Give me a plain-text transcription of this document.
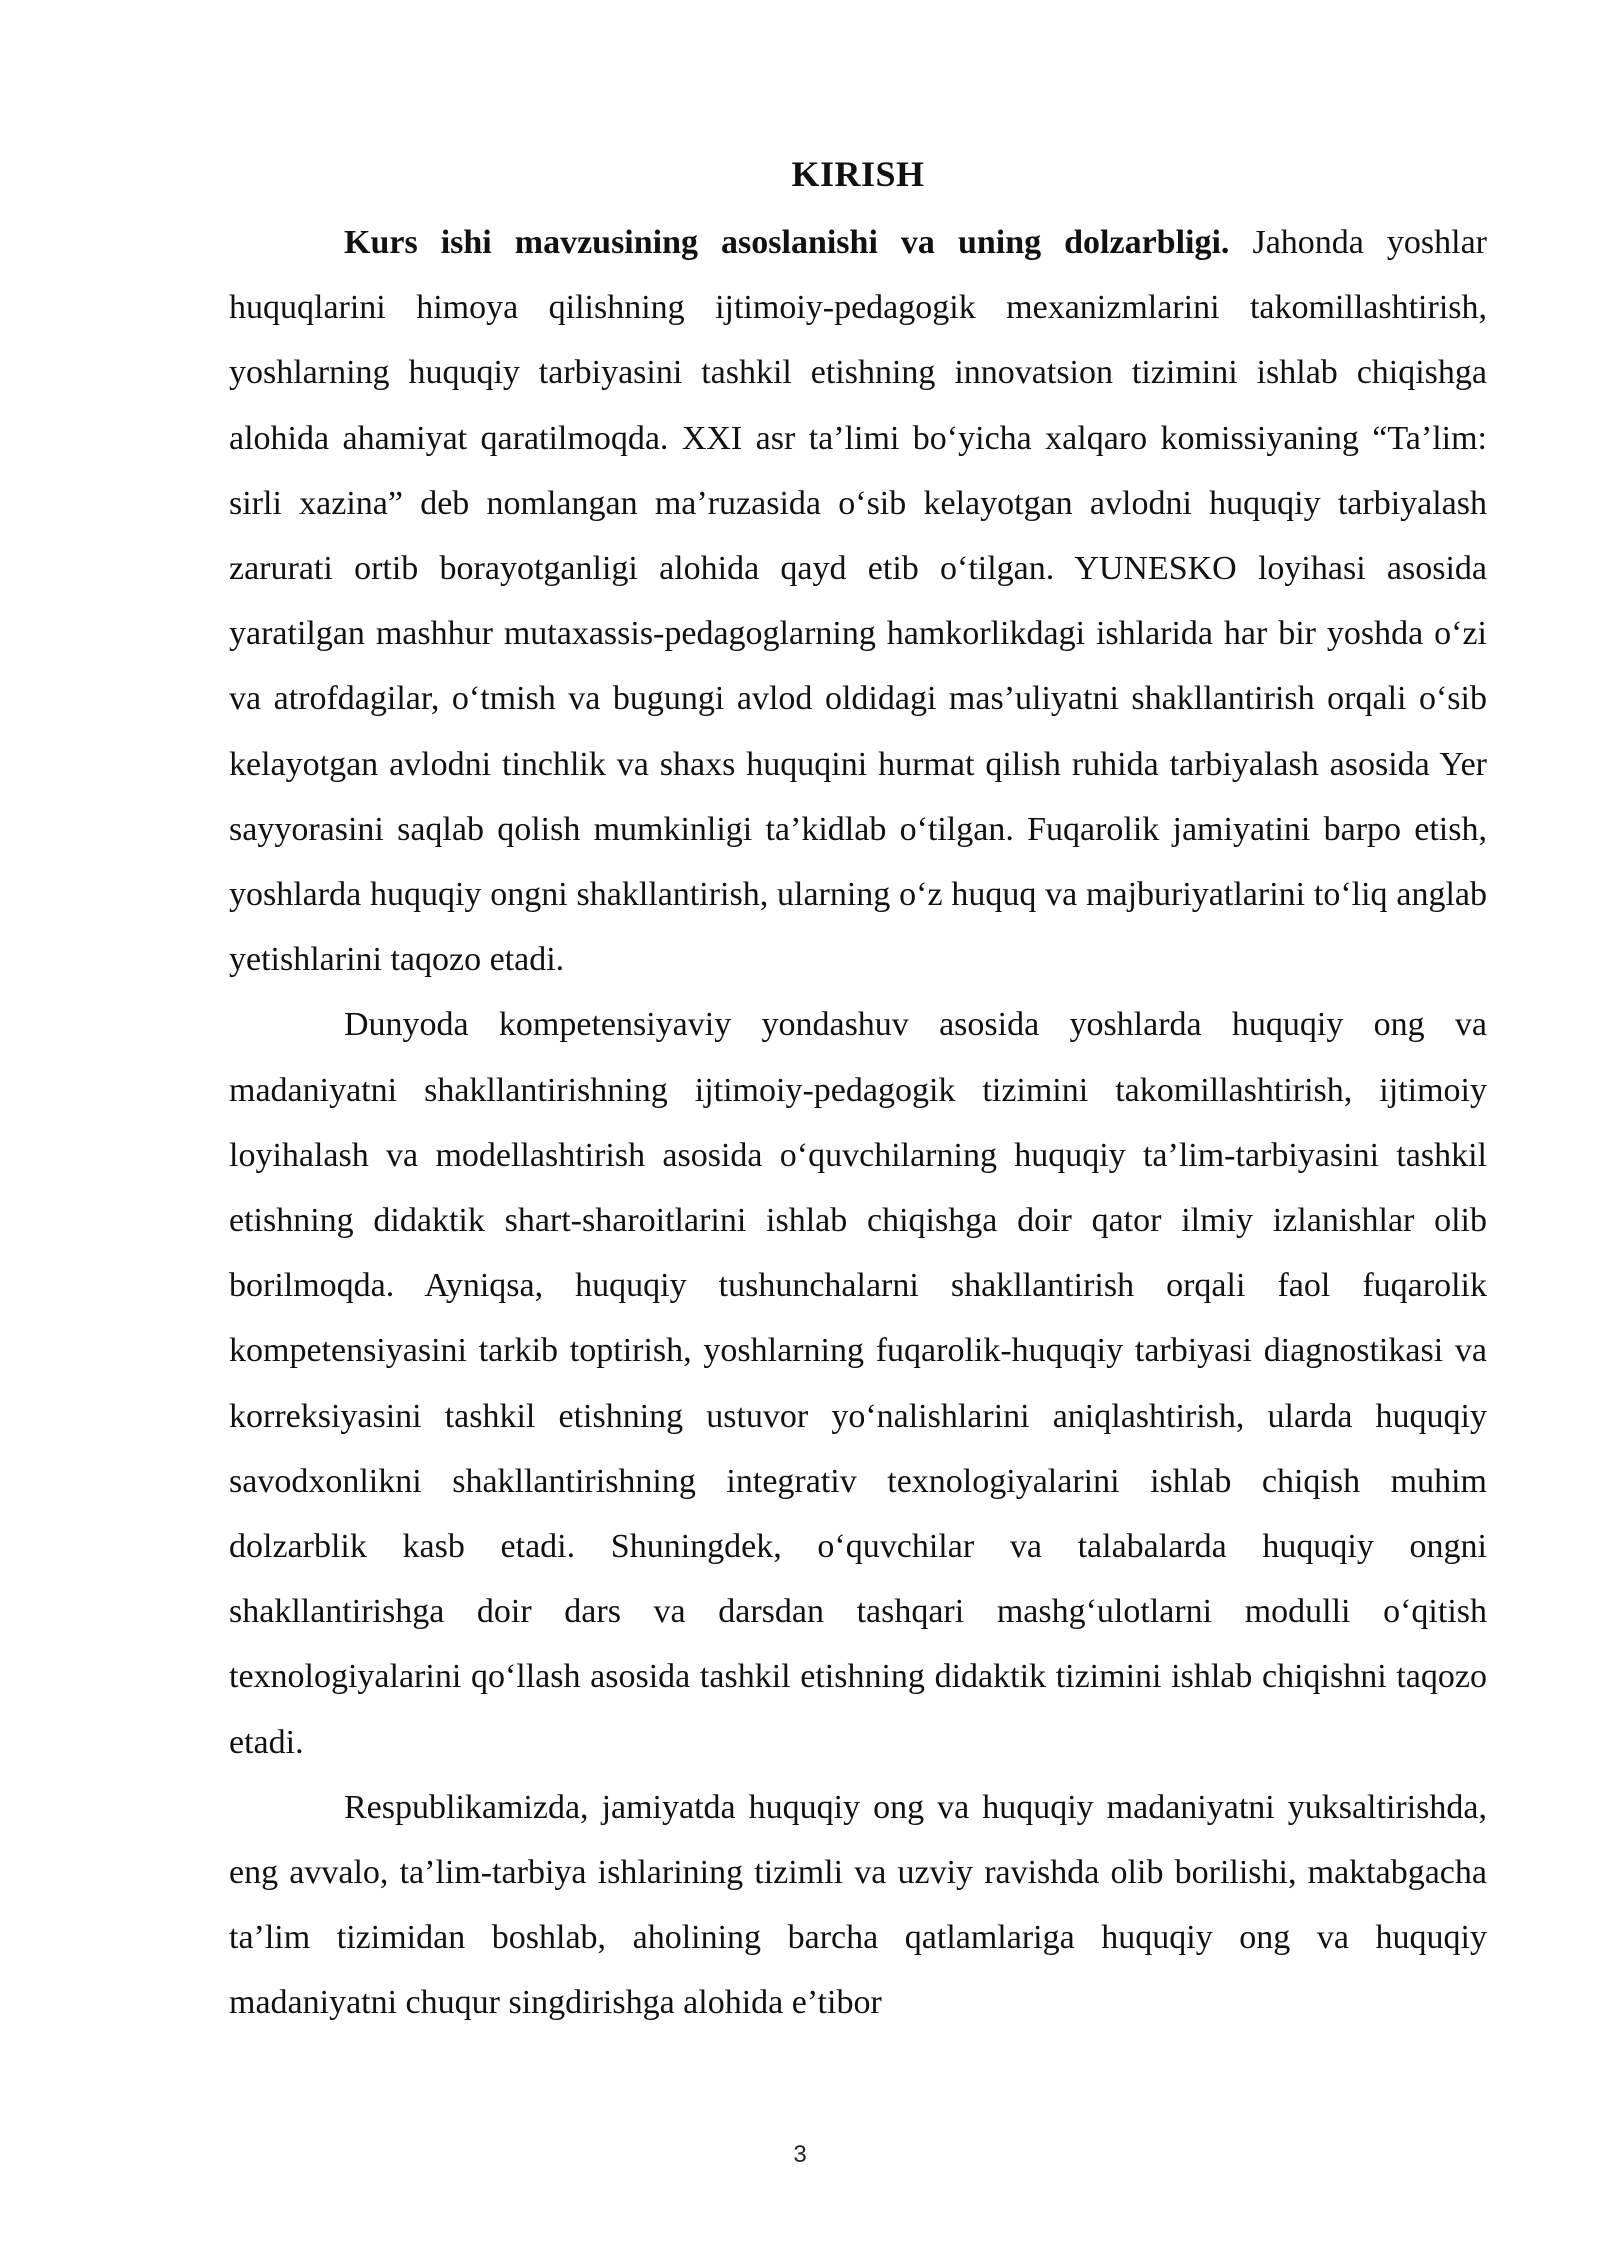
KIRISH

Kurs ishi mavzusining asoslanishi va uning dolzarbligi. Jahonda yoshlar huquqlarini himoya qilishning ijtimoiy-pedagogik mexanizmlarini takomillashtirish, yoshlarning huquqiy tarbiyasini tashkil etishning innovatsion tizimini ishlab chiqishga alohida ahamiyat qaratilmoqda. XXI asr ta’limi bo‘yicha xalqaro komissiyaning “Ta’lim: sirli xazina” deb nomlangan ma’ruzasida o‘sib kelayotgan avlodni huquqiy tarbiyalash zarurati ortib borayotganligi alohida qayd etib o‘tilgan. YUNESKO loyihasi asosida yaratilgan mashhur mutaxassis-pedagoglarning hamkorlikdagi ishlarida har bir yoshda o‘zi va atrofdagilar, o‘tmish va bugungi avlod oldidagi mas’uliyatni shakllantirish orqali o‘sib kelayotgan avlodni tinchlik va shaxs huquqini hurmat qilish ruhida tarbiyalash asosida Yer sayyorasini saqlab qolish mumkinligi ta’kidlab o‘tilgan. Fuqarolik jamiyatini barpo etish, yoshlarda huquqiy ongni shakllantirish, ularning o‘z huquq va majburiyatlarini to‘liq anglab yetishlarini taqozo etadi.

Dunyoda kompetensiyaviy yondashuv asosida yoshlarda huquqiy ong va madaniyatni shakllantirishning ijtimoiy-pedagogik tizimini takomillashtirish, ijtimoiy loyihalash va modellashtirish asosida o‘quvchilarning huquqiy ta’lim-tarbiyasini tashkil etishning didaktik shart-sharoitlarini ishlab chiqishga doir qator ilmiy izlanishlar olib borilmoqda. Ayniqsa, huquqiy tushunchalarni shakllantirish orqali faol fuqarolik kompetensiyasini tarkib toptirish, yoshlarning fuqarolik-huquqiy tarbiyasi diagnostikasi va korreksiyasini tashkil etishning ustuvor yo‘nalishlarini aniqlashtirish, ularda huquqiy savodxonlikni shakllantirishning integrativ texnologiyalarini ishlab chiqish muhim dolzarblik kasb etadi. Shuningdek, o‘quvchilar va talabalarda huquqiy ongni shakllantirishga doir dars va darsdan tashqari mashg‘ulotlarni modulli o‘qitish texnologiyalarini qo‘llash asosida tashkil etishning didaktik tizimini ishlab chiqishni taqozo etadi.

Respublikamizda, jamiyatda huquqiy ong va huquqiy madaniyatni yuksaltirishda, eng avvalo, ta’lim-tarbiya ishlarining tizimli va uzviy ravishda olib borilishi, maktabgacha ta’lim tizimidan boshlab, aholining barcha qatlamlariga huquqiy ong va huquqiy madaniyatni chuqur singdirishga alohida e’tibor

3
